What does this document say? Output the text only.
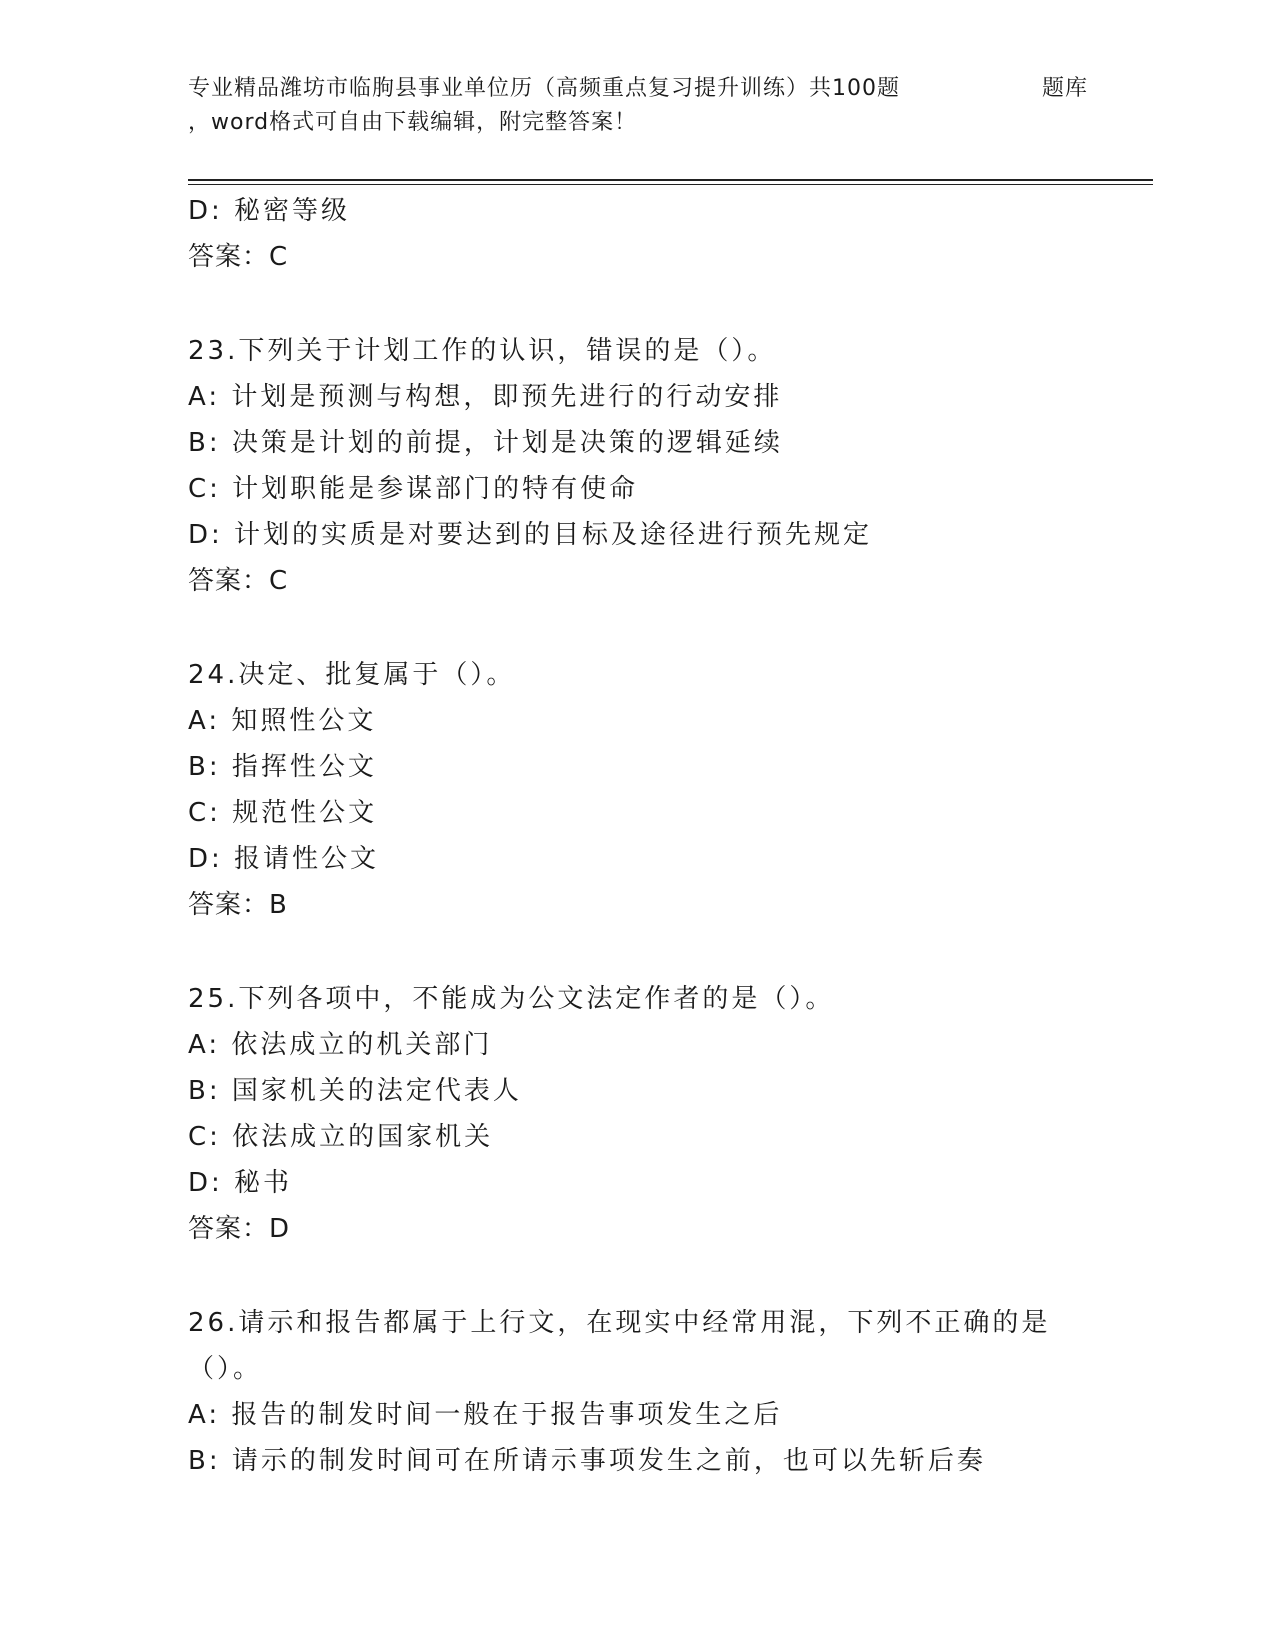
专业精品潍坊市临朐县事业单位历（高频重点复习提升训练）共100题	题库
，word格式可自由下载编辑，附完整答案！
D: 秘密等级
答案：C
23.下列关于计划工作的认识，错误的是（）。
A: 计划是预测与构想，即预先进行的行动安排
B: 决策是计划的前提，计划是决策的逻辑延续
C: 计划职能是参谋部门的特有使命
D: 计划的实质是对要达到的目标及途径进行预先规定
答案：C
24.决定、批复属于（）。
A: 知照性公文
B: 指挥性公文
C: 规范性公文
D: 报请性公文
答案：B
25.下列各项中，不能成为公文法定作者的是（）。
A: 依法成立的机关部门
B: 国家机关的法定代表人
C: 依法成立的国家机关
D: 秘书
答案：D
26.请示和报告都属于上行文，在现实中经常用混，下列不正确的是（）。
A: 报告的制发时间一般在于报告事项发生之后
B: 请示的制发时间可在所请示事项发生之前，也可以先斩后奏
